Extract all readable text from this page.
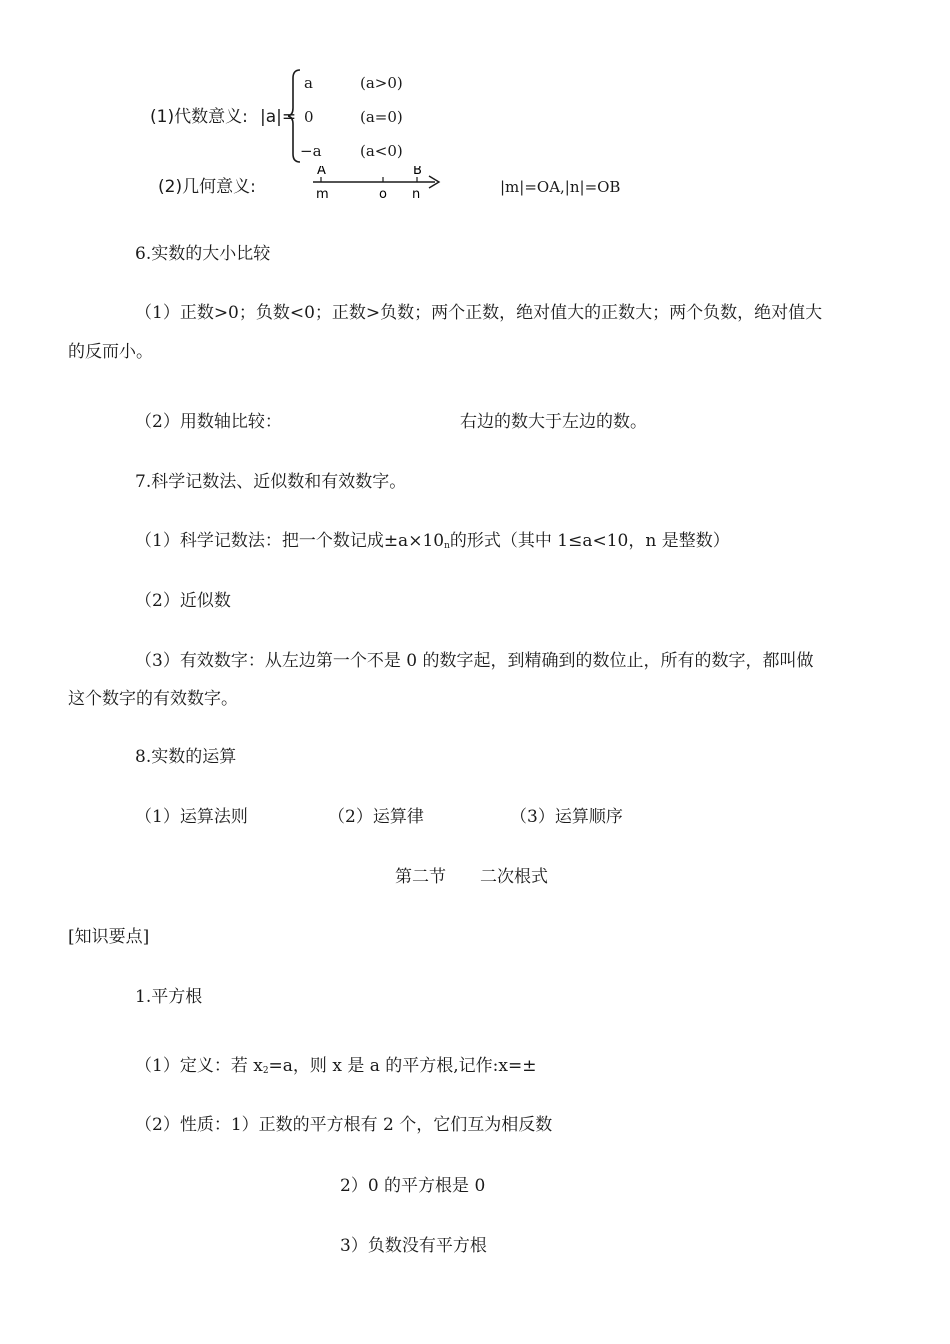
(1)代数意义: |a|=
a	(a>0)
0	(a=0)
−a	(a<0)
(2)几何意义:
A	B
m	o n	|m|=OA,|n|=OB
6.实数的大小比较
（1）正数>0；负数<0；正数>负数；两个正数，绝对值大的正数大；两个负数，绝对值大
的反而小。
（2）用数轴比较：	右边的数大于左边的数。
7.科学记数法、近似数和有效数字。
（1）科学记数法：把一个数记成$\pm a\times 10_n$的形式（其中 1≤a<10，n 是整数）
（2）近似数
（3）有效数字：从左边第一个不是 0 的数字起，到精确到的数位止，所有的数字，都叫做
这个数字的有效数字。
8.实数的运算
（1）运算法则	（2）运算律	（3）运算顺序
第二节　　二次根式
[知识要点]
1.平方根
（1）定义：若 $x_2=a$，则 x 是 a 的平方根,记作:x=±
（2）性质：1）正数的平方根有 2 个，它们互为相反数
2）0 的平方根是 0
3）负数没有平方根
